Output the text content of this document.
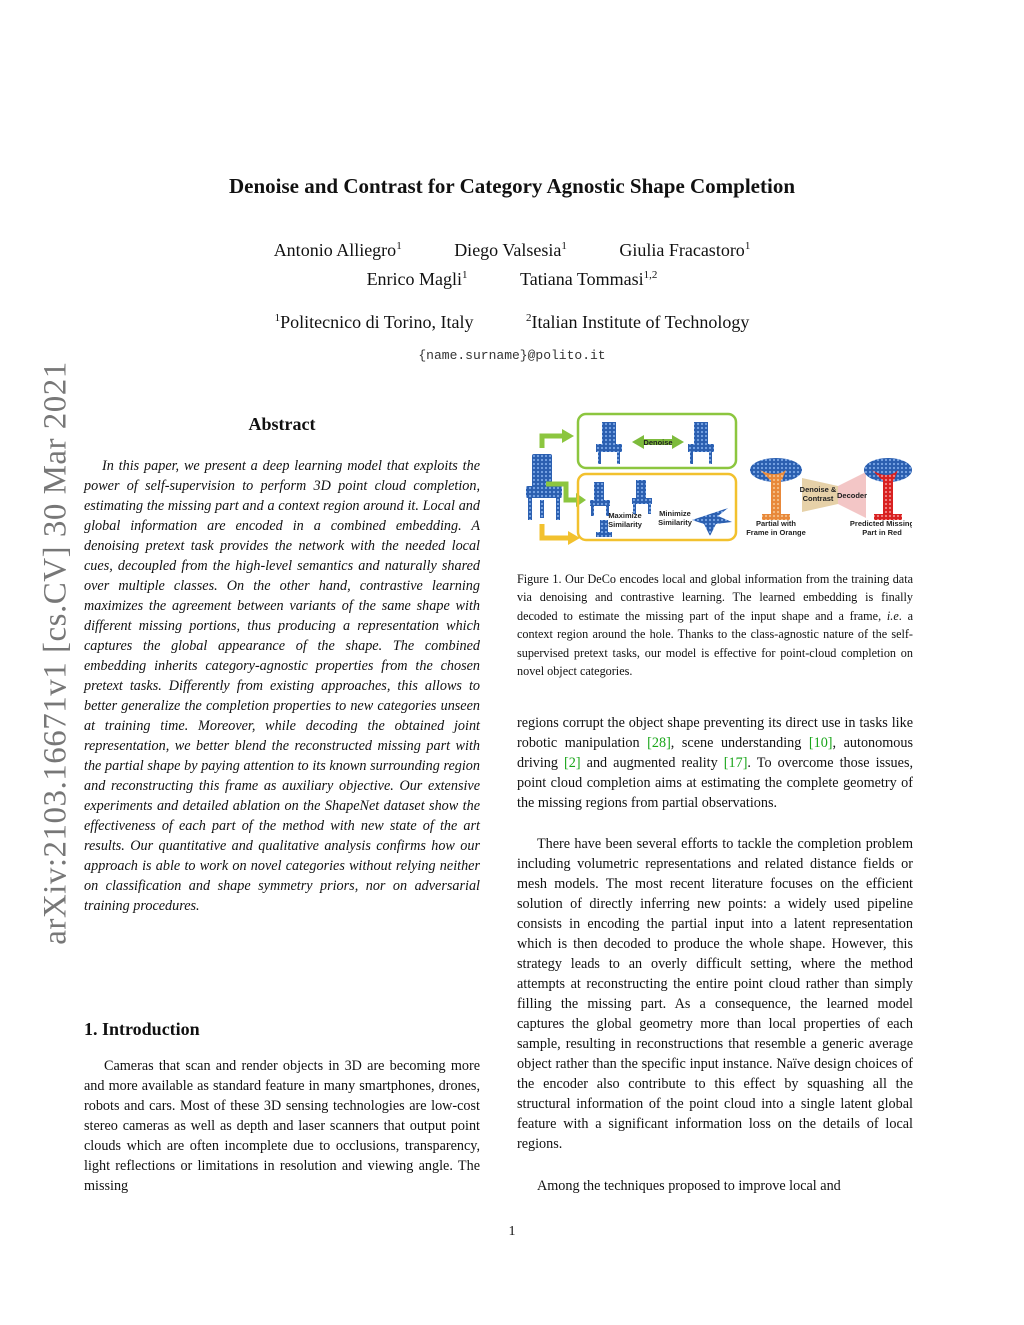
arXiv:2103.16671v1 [cs.CV] 30 Mar 2021
Denoise and Contrast for Category Agnostic Shape Completion
Antonio Alliegro$^1$	Diego Valsesia$^1$	Giulia Fracastoro$^1$
Enrico Magli$^1$	Tatiana Tommasi$^{1,2}$
$^1$Politecnico di Torino, Italy	$^2$Italian Institute of Technology
{name.surname}@polito.it
Abstract

In this paper, we present a deep learning model that exploits the power of self-supervision to perform 3D point cloud completion, estimating the missing part and a context region around it. Local and global information are encoded in a combined embedding. A denoising pretext task provides the network with the needed local cues, decoupled from the high-level semantics and naturally shared over multiple classes. On the other hand, contrastive learning maximizes the agreement between variants of the same shape with different missing portions, thus producing a representation which captures the global appearance of the shape. The combined embedding inherits category-agnostic properties from the chosen pretext tasks. Differently from existing approaches, this allows to better generalize the completion properties to new categories unseen at training time. Moreover, while decoding the obtained joint representation, we better blend the reconstructed missing part with the partial shape by paying attention to its known surrounding region and reconstructing this frame as auxiliary objective. Our extensive experiments and detailed ablation on the ShapeNet dataset show the effectiveness of each part of the method with new state of the art results. Our quantitative and qualitative analysis confirms how our approach is able to work on novel categories without relying neither on classification and shape symmetry priors, nor on adversarial training procedures.

1. Introduction

Cameras that scan and render objects in 3D are becoming more and more available as standard feature in many smartphones, drones, robots and cars. Most of these 3D sensing technologies are low-cost stereo cameras as well as depth and laser scanners that output point clouds which are often incomplete due to occlusions, transparency, light reflections or limitations in resolution and viewing angle. The missing

Denoise
Maximize
Similarity
Minimize
Similarity
Denoise &
Contrast Decoder
Partial with
Frame in Orange
Predicted Missing
Part in Red

Figure 1. Our DeCo encodes local and global information from the training data via denoising and contrastive learning. The learned embedding is finally decoded to estimate the missing part of the input shape and a frame, i.e. a context region around the hole. Thanks to the class-agnostic nature of the self-supervised pretext tasks, our model is effective for point-cloud completion on novel object categories.

regions corrupt the object shape preventing its direct use in tasks like robotic manipulation [28], scene understanding [10], autonomous driving [2] and augmented reality [17]. To overcome those issues, point cloud completion aims at estimating the complete geometry of the missing regions from partial observations.

There have been several efforts to tackle the completion problem including volumetric representations and related distance fields or mesh models. The most recent literature focuses on the efficient solution of directly inferring new points: a widely used pipeline consists in encoding the partial input into a latent representation which is then decoded to produce the whole shape. However, this strategy leads to an overly difficult setting, where the method attempts at reconstructing the entire point cloud rather than simply filling the missing part. As a consequence, the learned model captures the global geometry more than local properties of each sample, resulting in reconstructions that resemble a generic average object rather than the specific input instance. Naïve design choices of the encoder also contribute to this effect by squashing all the structural information of the point cloud into a single latent global feature with a significant information loss on the details of local regions.

Among the techniques proposed to improve local and

1
